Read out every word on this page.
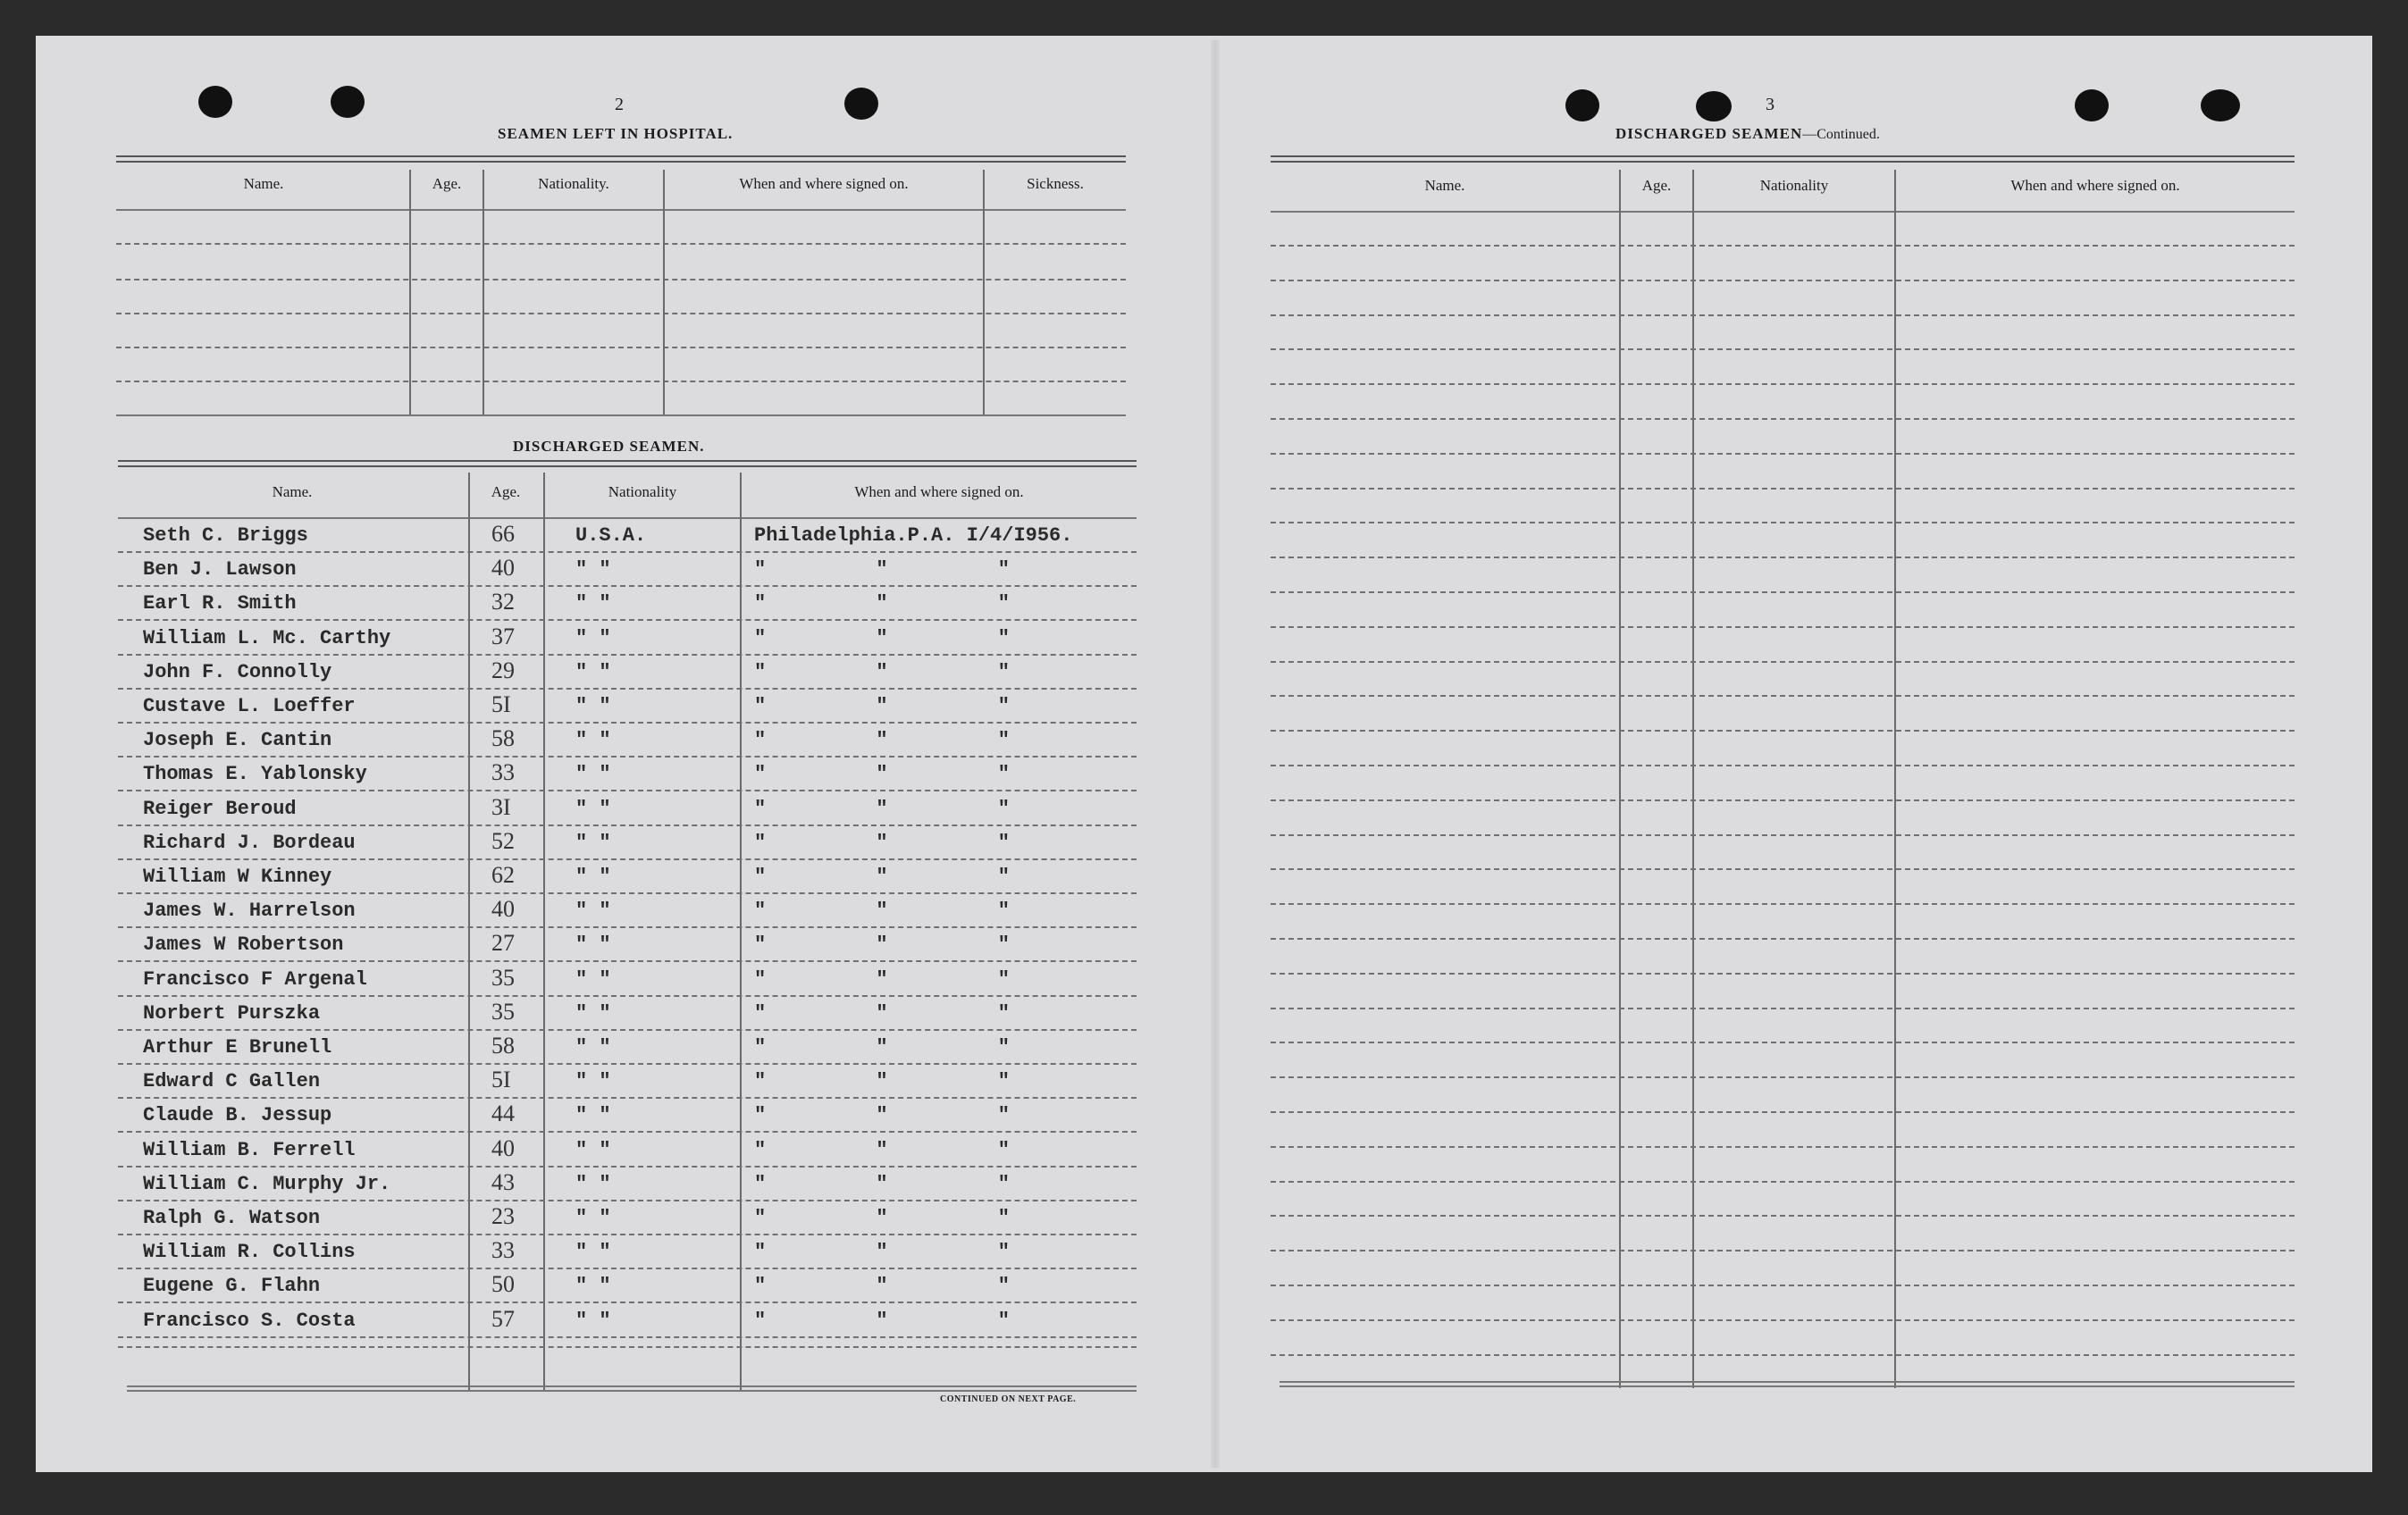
2
SEAMEN LEFT IN HOSPITAL.
Name.	Age.	Nationality.	When and where signed on.	Sickness.
DISCHARGED SEAMEN.
Name.	Age.	Nationality	When and where signed on.
Seth C. Briggs	66	U.S.A.	Philadelphia.P.A. I/4/I956.
Ben J. Lawson	40	" "	" " "
Earl R. Smith	32	" "	" " "
William L. Mc. Carthy	37	" "	" " "
John F. Connolly	29	" "	" " "
Custave L. Loeffer	5I	" "	" " "
Joseph E. Cantin	58	" "	" " "
Thomas E. Yablonsky	33	" "	" " "
Reiger Beroud	3I	" "	" " "
Richard J. Bordeau	52	" "	" " "
William W Kinney	62	" "	" " "
James W. Harrelson	40	" "	" " "
James W Robertson	27	" "	" " "
Francisco F Argenal	35	" "	" " "
Norbert Purszka	35	" "	" " "
Arthur E Brunell	58	" "	" " "
Edward C Gallen	5I	" "	" " "
Claude B. Jessup	44	" "	" " "
William B. Ferrell	40	" "	" " "
William C. Murphy Jr.	43	" "	" " "
Ralph G. Watson	23	" "	" " "
William R. Collins	33	" "	" " "
Eugene G. Flahn	50	" "	" " "
Francisco S. Costa	57	" "	" " "
CONTINUED ON NEXT PAGE.
3
DISCHARGED SEAMEN—Continued.
Name.	Age.	Nationality	When and where signed on.
